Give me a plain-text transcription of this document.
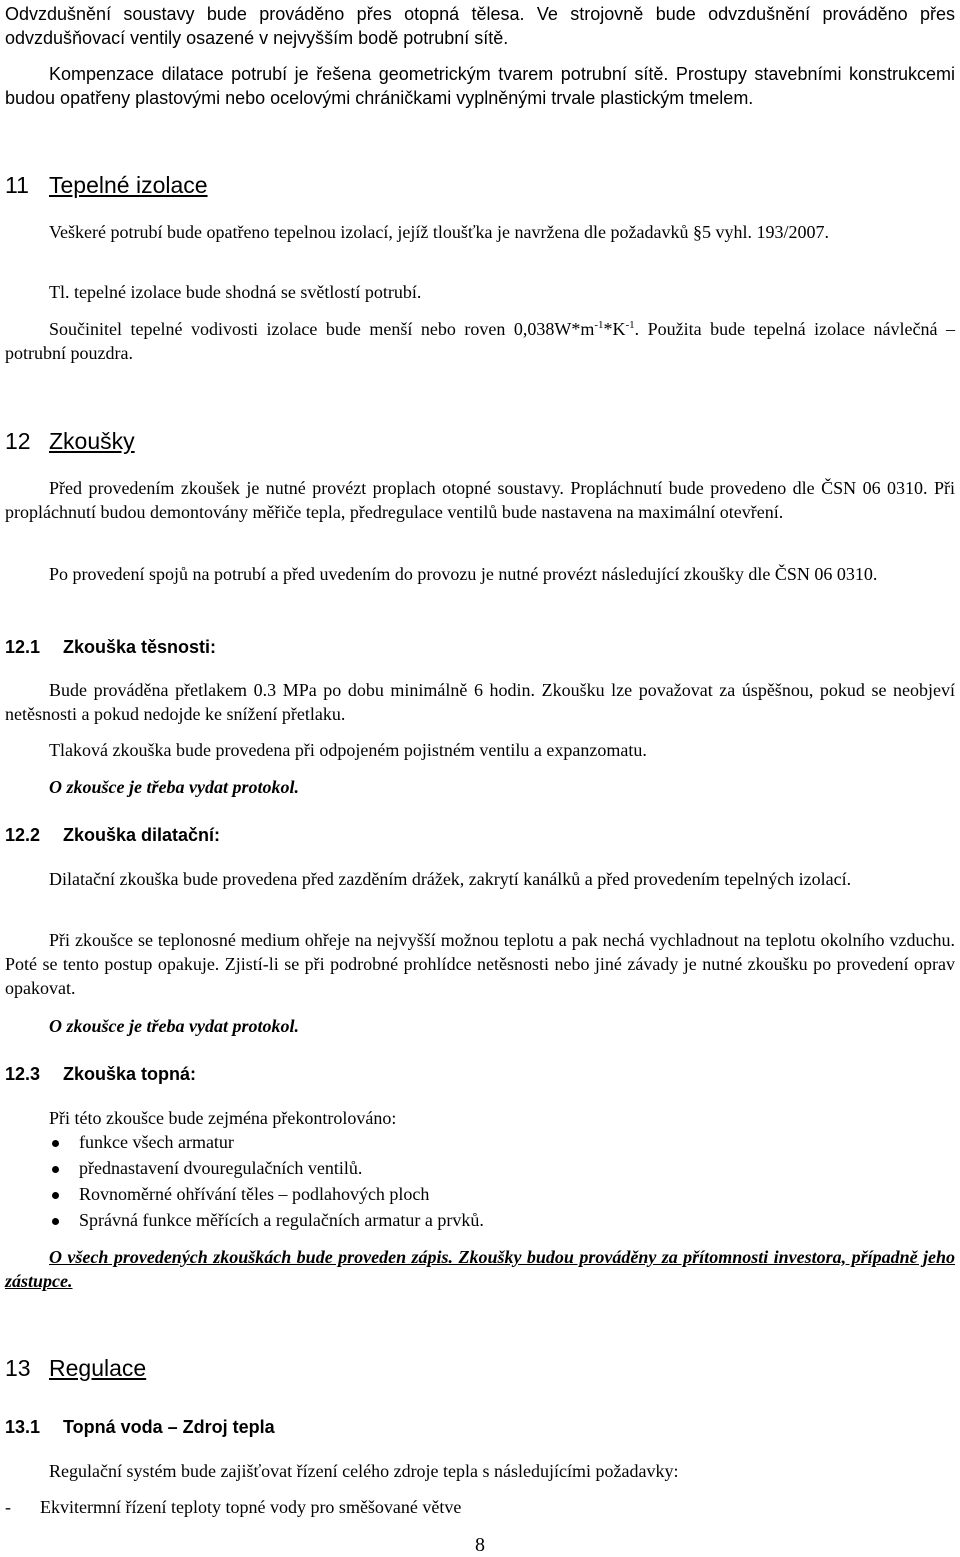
Odvzdušnění soustavy bude prováděno přes otopná tělesa. Ve strojovně bude odvzdušnění prováděno přes odvzdušňovací ventily osazené v nejvyšším bodě potrubní sítě.

Kompenzace dilatace potrubí je řešena geometrickým tvarem potrubní sítě. Prostupy stavebními konstrukcemi budou opatřeny plastovými nebo ocelovými chráničkami vyplněnými trvale plastickým tmelem.

11 Tepelné izolace

Veškeré potrubí bude opatřeno tepelnou izolací, jejíž tloušťka je navržena dle požadavků §5 vyhl. 193/2007.

Tl. tepelné izolace bude shodná se světlostí potrubí.

Součinitel tepelné vodivosti izolace bude menší nebo roven $0,038W*m^{-1}*K^{-1}$. Použita bude tepelná izolace návlečná – potrubní pouzdra.

12 Zkoušky

Před provedením zkoušek je nutné provézt proplach otopné soustavy. Propláchnutí bude provedeno dle ČSN 06 0310. Při propláchnutí budou demontovány měřiče tepla, předregulace ventilů bude nastavena na maximální otevření.

Po provedení spojů na potrubí a před uvedením do provozu je nutné provézt následující zkoušky dle ČSN 06 0310.

12.1 Zkouška těsnosti:

Bude prováděna přetlakem 0.3 MPa po dobu minimálně 6 hodin. Zkoušku lze považovat za úspěšnou, pokud se neobjeví netěsnosti a pokud nedojde ke snížení přetlaku.

Tlaková zkouška bude provedena při odpojeném pojistném ventilu a expanzomatu.

O zkoušce je třeba vydat protokol.

12.2 Zkouška dilatační:

Dilatační zkouška bude provedena před zazděním drážek, zakrytí kanálků a před provedením tepelných izolací.

Při zkoušce se teplonosné medium ohřeje na nejvyšší možnou teplotu a pak nechá vychladnout na teplotu okolního vzduchu. Poté se tento postup opakuje. Zjistí-li se při podrobné prohlídce netěsnosti nebo jiné závady je nutné zkoušku po provedení oprav opakovat.

O zkoušce je třeba vydat protokol.

12.3 Zkouška topná:

Při této zkoušce bude zejména překontrolováno:

funkce všech armatur
přednastavení dvouregulačních ventilů.
Rovnoměrné ohřívání těles – podlahových ploch
Správná funkce měřících a regulačních armatur a prvků.

O všech provedených zkouškách bude proveden zápis. Zkoušky budou prováděny za přítomnosti investora, případně jeho zástupce.

13 Regulace
13.1 Topná voda – Zdroj tepla

Regulační systém bude zajišťovat řízení celého zdroje tepla s následujícími požadavky:

- Ekvitermní řízení teploty topné vody pro směšované větve
8
